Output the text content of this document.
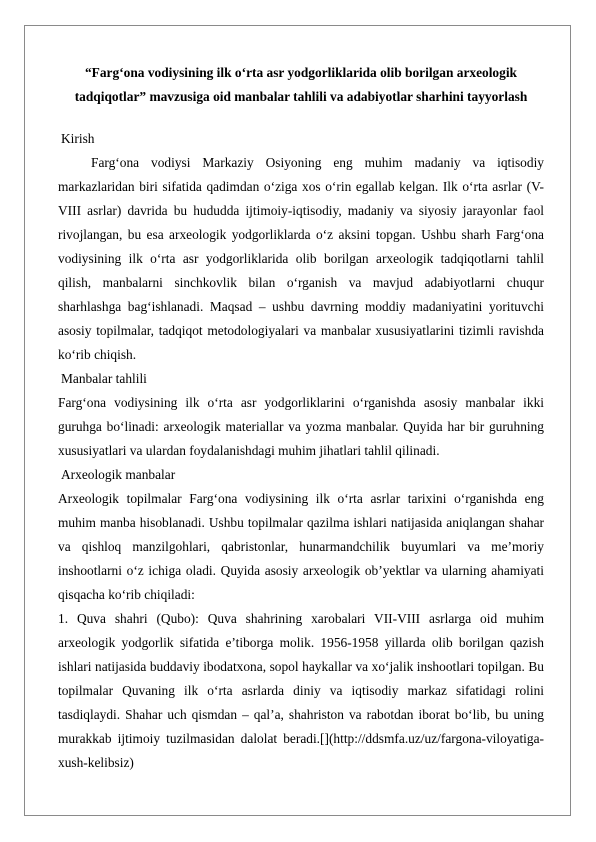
“Farg‘ona vodiysining ilk o‘rta asr yodgorliklarida olib borilgan arxeologik
tadqiqotlar” mavzusiga oid manbalar tahlili va adabiyotlar sharhini tayyorlash

Kirish

Farg‘ona vodiysi Markaziy Osiyoning eng muhim madaniy va iqtisodiy markazlaridan biri sifatida qadimdan o‘ziga xos o‘rin egallab kelgan. Ilk o‘rta asrlar (V-VIII asrlar) davrida bu hududda ijtimoiy-iqtisodiy, madaniy va siyosiy jarayonlar faol rivojlangan, bu esa arxeologik yodgorliklarda o‘z aksini topgan. Ushbu sharh Farg‘ona vodiysining ilk o‘rta asr yodgorliklarida olib borilgan arxeologik tadqiqotlarni tahlil qilish, manbalarni sinchkovlik bilan o‘rganish va mavjud adabiyotlarni chuqur sharhlashga bag‘ishlanadi. Maqsad – ushbu davrning moddiy madaniyatini yorituvchi asosiy topilmalar, tadqiqot metodologiyalari va manbalar xususiyatlarini tizimli ravishda ko‘rib chiqish.

Manbalar tahlili

Farg‘ona vodiysining ilk o‘rta asr yodgorliklarini o‘rganishda asosiy manbalar ikki guruhga bo‘linadi: arxeologik materiallar va yozma manbalar. Quyida har bir guruhning xususiyatlari va ulardan foydalanishdagi muhim jihatlari tahlil qilinadi.

Arxeologik manbalar

Arxeologik topilmalar Farg‘ona vodiysining ilk o‘rta asrlar tarixini o‘rganishda eng muhim manba hisoblanadi. Ushbu topilmalar qazilma ishlari natijasida aniqlangan shahar va qishloq manzilgohlari, qabristonlar, hunarmandchilik buyumlari va me’moriy inshootlarni o‘z ichiga oladi. Quyida asosiy arxeologik ob’yektlar va ularning ahamiyati qisqacha ko‘rib chiqiladi:

1. Quva shahri (Qubo): Quva shahrining xarobalari VII-VIII asrlarga oid muhim arxeologik yodgorlik sifatida e’tiborga molik. 1956-1958 yillarda olib borilgan qazish ishlari natijasida buddaviy ibodatxona, sopol haykallar va xo‘jalik inshootlari topilgan. Bu topilmalar Quvaning ilk o‘rta asrlarda diniy va iqtisodiy markaz sifatidagi rolini tasdiqlaydi. Shahar uch qismdan – qal’a, shahriston va rabotdan iborat bo‘lib, bu uning murakkab ijtimoiy tuzilmasidan dalolat beradi.[](http://ddsmfa.uz/uz/fargona-viloyatiga-xush-kelibsiz)
